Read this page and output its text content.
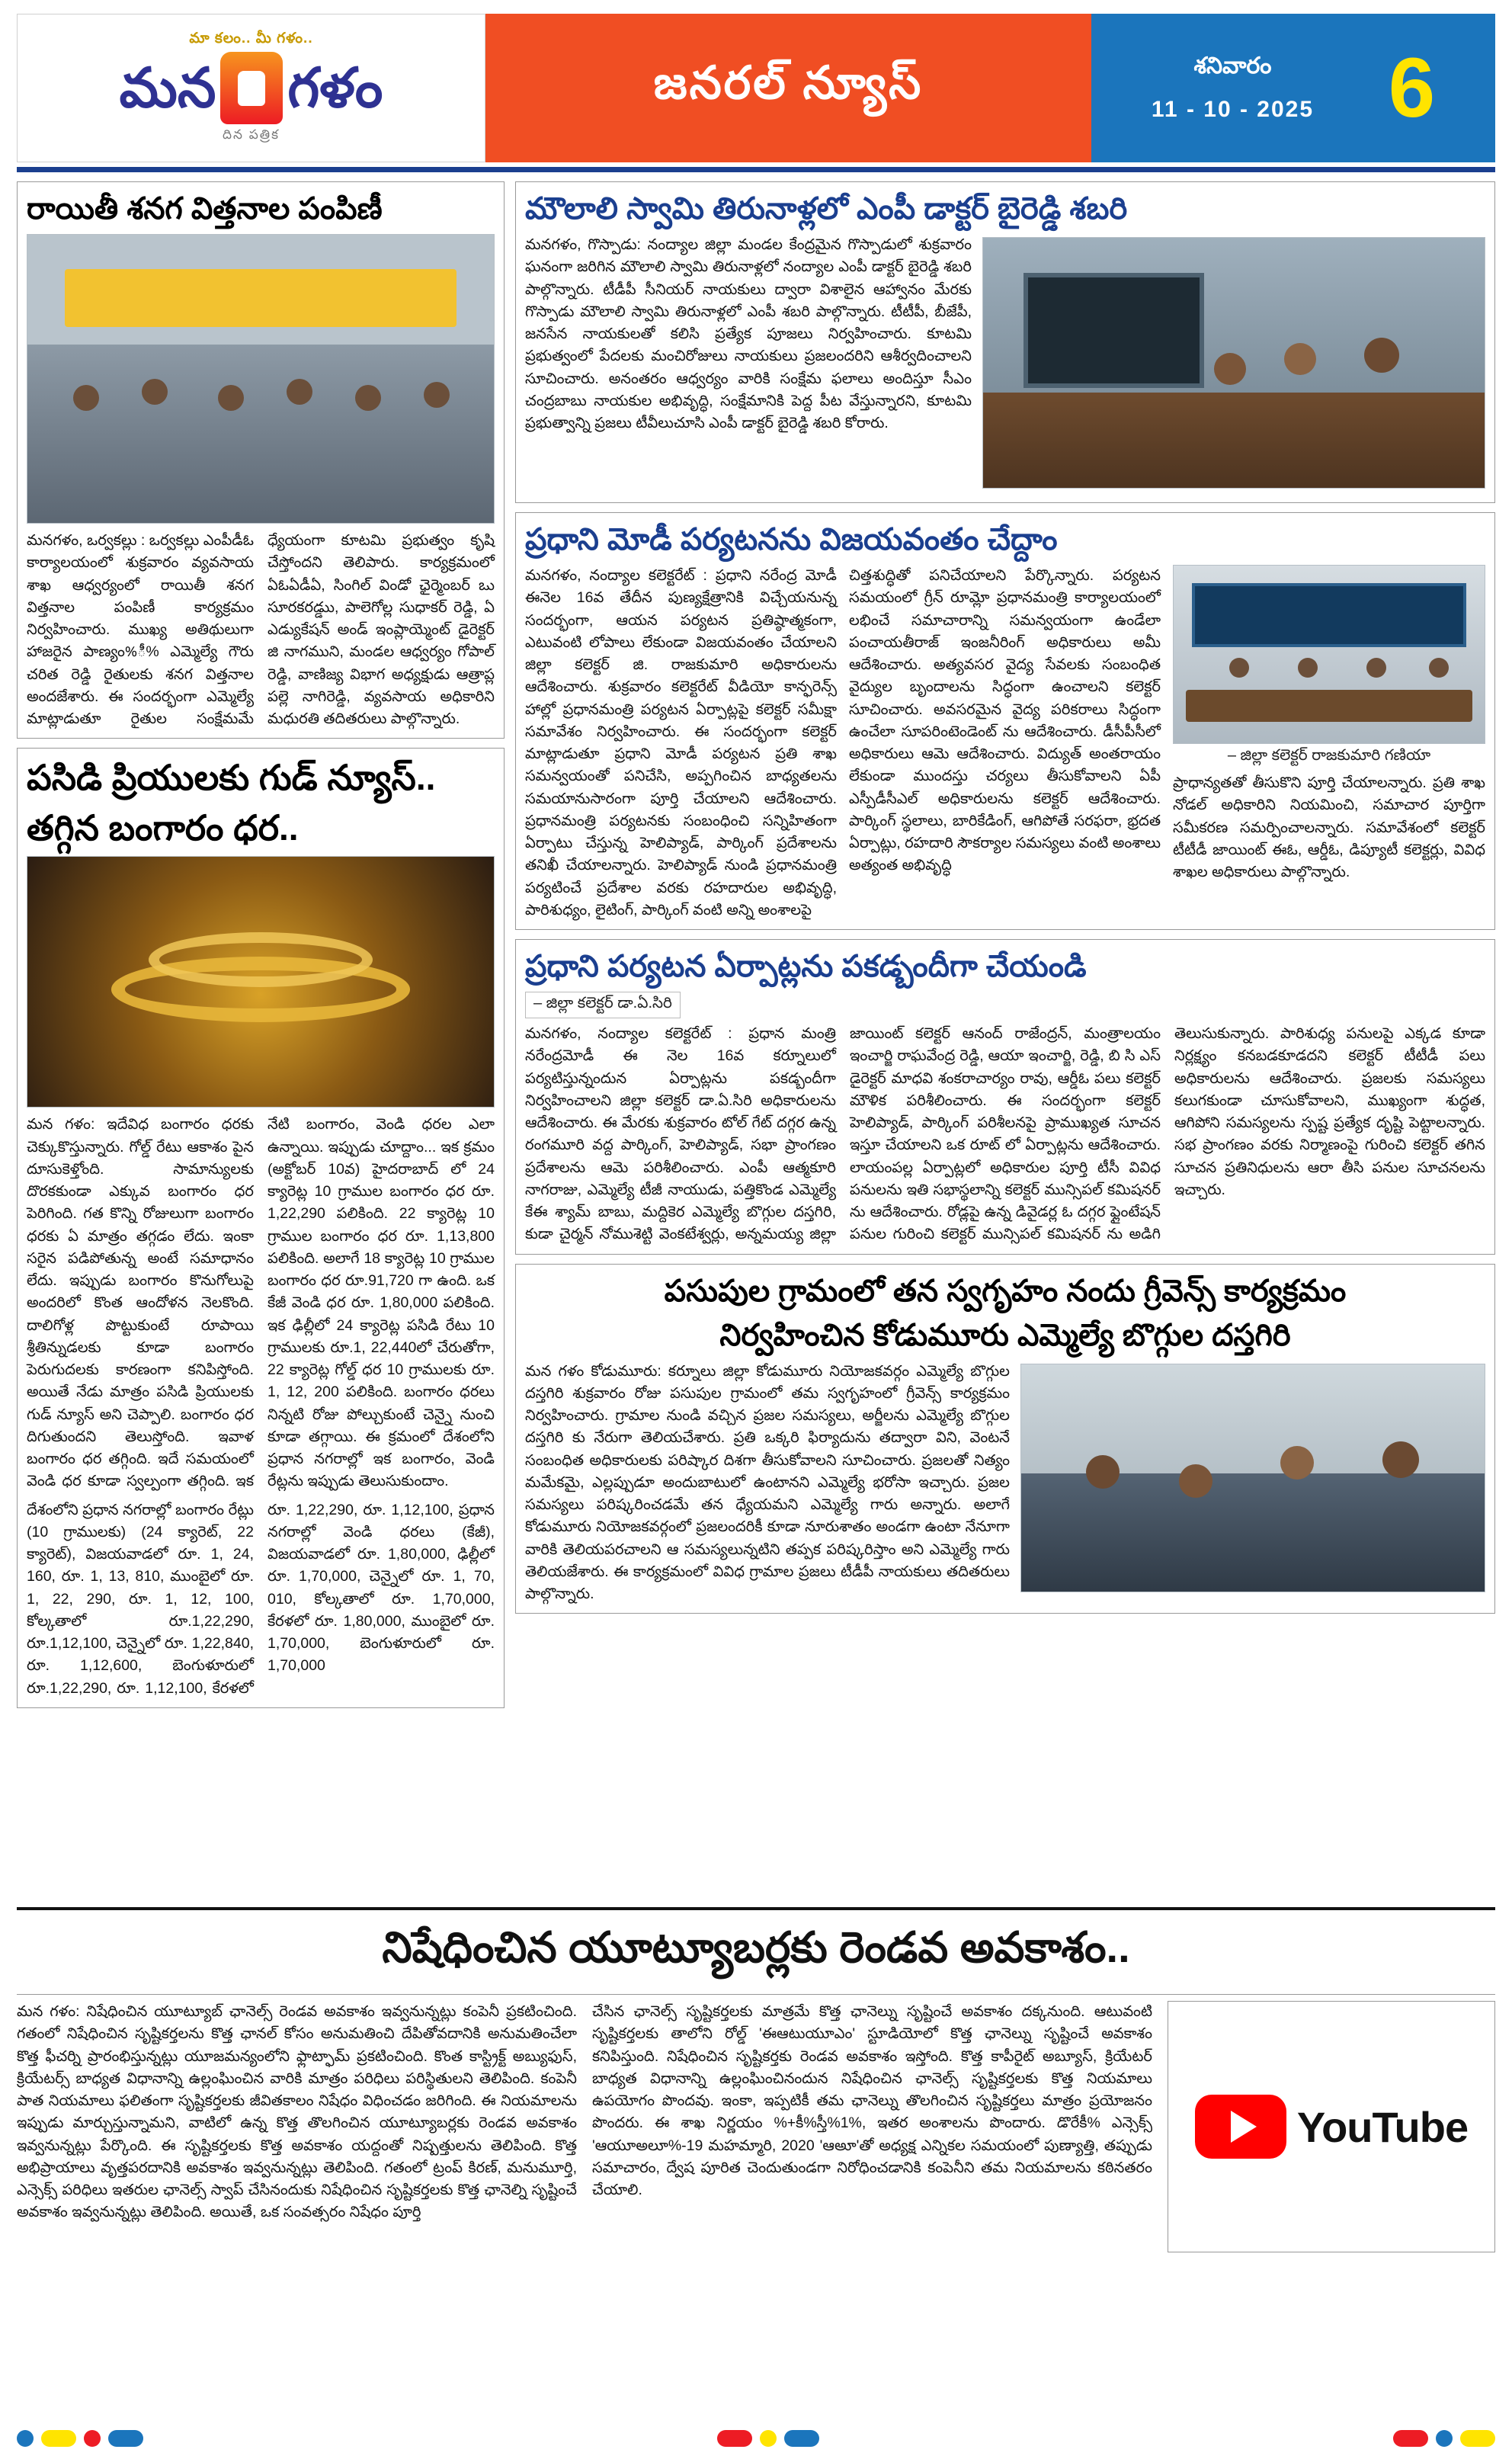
మా కలం.. మీ గళం..
మన గళం
దిన పత్రిక
జనరల్ న్యూస్	శనివారం
11 - 10 - 2025 6
రాయితీ శనగ విత్తనాల పంపిణీ
మనగళం, ఒర్వకల్లు : ఒర్వకల్లు ఎంపీడీఓ కార్యాలయంలో శుక్రవారం వ్యవసాయ శాఖ ఆధ్వర్యంలో రాయితీ శనగ విత్తనాల పంపిణీ కార్యక్రమం నిర్వహించారు. ముఖ్య అతిథులుగా హాజరైన పాణ్యం%ీ% ఎమ్మెల్యే గౌరు చరిత రెడ్డి రైతులకు శనగ విత్తనాల అందజేశారు. ఈ సందర్భంగా ఎమ్మెల్యే మాట్లాడుతూ రైతుల సంక్షేమమే ధ్యేయంగా కూటమి ప్రభుత్వం కృషి చేస్తోందని తెలిపారు. కార్యక్రమంలో ఏఓఏడీఏ, సింగిల్ విండో ఛైర్మెంబర్ ఒు సూరకరడ్డుు, పాలెగోల్ల సుధాకర్ రెడ్డి, ఏ ఎడ్యుకేషన్ అండ్ ఇంప్లాయ్మెంట్ డైరెక్టర్ జి నాగముని, మండల ఆధ్వర్యం గోపాల్ రెడ్డి, వాణిజ్య విభాగ అధ్యక్షుడు ఆత్రాప్ల పల్లె నాగిరెడ్డి, వ్యవసాయ అధికారిని మధురతి తదితరులు పాల్గొన్నారు.
పసిడి ప్రియులకు గుడ్ న్యూస్..
తగ్గిన బంగారం ధర..
మన గళం: ఇదేవిధ బంగారం ధరకు చెక్కుకొస్తున్నారు. గోల్డ్ రేటు ఆకాశం పైన దూసుకెళ్తోంది. సామాన్యులకు దొరకకుండా ఎక్కువ బంగారం ధర పెరిగింది. గత కొన్ని రోజులుగా బంగారం ధరకు ఏ మాత్రం తగ్గడం లేదు. ఇంకా సరైన పడిపోతున్న అంటే సమాధానం లేదు. ఇప్పుడు బంగారం కొనుగోలుపై అందరిలో కొంత ఆందోళన నెలకొంది. దాలిగోళ్ల పొట్టుకుంటే రూపాయి శ్రీతిన్నుడలకు కూడా బంగారం పెరుగుదలకు కారణంగా కనిపిస్తోంది. అయితే నేడు మాత్రం పసిడి ప్రియులకు గుడ్ న్యూస్ అని చెప్పాలి. బంగారం ధర దిగుతుందని తెలుస్తోంది. ఇవాళ బంగారం ధర తగ్గింది. ఇదే సమయంలో వెండి ధర కూడా స్వల్పంగా తగ్గింది. ఇక నేటి బంగారం, వెండి ధరల ఎలా ఉన్నాయి. ఇప్పుడు చూద్దాం... ఇక క్రమం (అక్టోబర్ 10వ) హైదరాబాద్ లో 24 క్యారెట్ల 10 గ్రాముల బంగారం ధర రూ. 1,22,290 పలికింది. 22 క్యారెట్ల 10 గ్రాముల బంగారం ధర రూ. 1,13,800 పలికింది. అలాగే 18 క్యారెట్ల 10 గ్రాముల బంగారం ధర రూ.91,720 గా ఉంది. ఒక కేజీ వెండి ధర రూ. 1,80,000 పలికింది. ఇక ఢిల్లీలో 24 క్యారెట్ల పసిడి రేటు 10 గ్రాములకు రూ.1, 22,440లో చేరుతోగా, 22 క్యారెట్ల గోల్డ్ ధర 10 గ్రాములకు రూ. 1, 12, 200 పలికింది. బంగారం ధరలు నిన్నటి రోజు పోల్చుకుంటే చెన్నై నుంచి కూడా తగ్గాయి. ఈ క్రమంలో దేశంలోని ప్రధాన నగరాల్లో ఇక బంగారం, వెండి రేట్లను ఇప్పుడు తెలుసుకుందాం.
దేశంలోని ప్రధాన నగరాల్లో బంగారం రేట్లు (10 గ్రాములకు) (24 క్యారెట్, 22 క్యారెట్), విజయవాడలో రూ. 1, 24, 160, రూ. 1, 13, 810, ముంబైలో రూ. 1, 22, 290, రూ. 1, 12, 100, కోల్కతాలో రూ.1,22,290, రూ.1,12,100, చెన్నైలో రూ. 1,22,840, రూ. 1,12,600, బెంగుళూరులో రూ.1,22,290, రూ. 1,12,100, కేరళలో రూ. 1,22,290, రూ. 1,12,100, ప్రధాన నగరాల్లో వెండి ధరలు (కేజీ), విజయవాడలో రూ. 1,80,000, ఢిల్లీలో రూ. 1,70,000, చెన్నైలో రూ. 1, 70, 010, కోల్కతాలో రూ. 1,70,000, కేరళలో రూ. 1,80,000, ముంబైలో రూ. 1,70,000, బెంగుళూరులో రూ. 1,70,000
మౌలాలి స్వామి తిరునాళ్లలో ఎంపీ డాక్టర్ బైరెడ్డి శబరి
మనగళం, గొస్పాడు: నంద్యాల జిల్లా మండల కేంద్రమైన గొస్పాడులో శుక్రవారం ఘనంగా జరిగిన మౌలాలి స్వామి తిరునాళ్లలో నంద్యాల ఎంపీ డాక్టర్ బైరెడ్డి శబరి పాల్గొన్నారు. టీడీపీ సీనియర్ నాయకులు ద్వారా విశాలైన ఆహ్వానం మేరకు గొస్పాడు మౌలాలి స్వామి తిరునాళ్లలో ఎంపీ శబరి పాల్గొన్నారు. టీటీపీ, బీజేపీ, జనసేన నాయకులతో కలిసి ప్రత్యేక పూజలు నిర్వహించారు. కూటమి ప్రభుత్వంలో పేదలకు మంచిరోజులు నాయకులు ప్రజలందరిని ఆశీర్వదించాలని సూచించారు. అనంతరం ఆధ్వర్యం వారికి సంక్షేమ ఫలాలు అందిస్తూ సీఎం చంద్రబాబు నాయకుల అభివృద్ధి, సంక్షేమానికి పెద్ద పీట వేస్తున్నారని, కూటమి ప్రభుత్వాన్ని ప్రజలు టీవీలుచూసి ఎంపీ డాక్టర్ బైరెడ్డి శబరి కోరారు.
ప్రధాని మోడీ పర్యటనను విజయవంతం చేద్దాం
మనగళం, నంద్యాల కలెక్టరేట్ : ప్రధాని నరేంద్ర మోడీ ఈనెల 16వ తేదీన పుణ్యక్షేత్రానికి విచ్చేయనున్న సందర్భంగా, ఆయన పర్యటన ప్రతిష్ఠాత్మకంగా, ఎటువంటి లోపాలు లేకుండా విజయవంతం చేయాలని జిల్లా కలెక్టర్ జి. రాజకుమారి అధికారులను ఆదేశించారు. శుక్రవారం కలెక్టరేట్ వీడియో కాన్ఫరెన్స్ హాల్లో ప్రధానమంత్రి పర్యటన ఏర్పాట్లపై కలెక్టర్ సమీక్షా సమావేశం నిర్వహించారు. ఈ సందర్భంగా కలెక్టర్ మాట్లాడుతూ ప్రధాని మోడీ పర్యటన ప్రతి శాఖ సమన్వయంతో పనిచేసి, అప్పగించిన బాధ్యతలను సమయానుసారంగా పూర్తి చేయాలని ఆదేశించారు. ప్రధానమంత్రి పర్యటనకు సంబంధించి సన్నిహితంగా ఏర్పాటు చేస్తున్న హెలిప్యాడ్, పార్కింగ్ ప్రదేశాలను తనిఖీ చేయాలన్నారు. హెలిప్యాడ్ నుండి ప్రధానమంత్రి పర్యటించే ప్రదేశాల వరకు రహదారుల అభివృద్ధి, పారిశుధ్యం, లైటింగ్, పార్కింగ్ వంటి అన్ని అంశాలపై
చిత్తశుద్ధితో పనిచేయాలని పేర్కొన్నారు. పర్యటన సమయంలో గ్రీన్ రూమ్లో ప్రధానమంత్రి కార్యాలయంలో లభించే సమాచారాన్ని సమన్వయంగా ఉండేలా పంచాయతీరాజ్ ఇంజనీరింగ్ అధికారులు అమీ ఆదేశించారు. అత్యవసర వైద్య సేవలకు సంబంధిత వైద్యుల బృందాలను సిద్ధంగా ఉంచాలని కలెక్టర్ సూచించారు. అవసరమైన వైద్య పరికరాలు సిద్ధంగా ఉంచేలా సూపరింటెండెంట్ ను ఆదేశించారు. డీసీపీసీలో అధికారులు ఆమె ఆదేశించారు. విద్యుత్ అంతరాయం లేకుండా ముందస్తు చర్యలు తీసుకోవాలని ఏపీ ఎస్పీడీసీఎల్ అధికారులను కలెక్టర్ ఆదేశించారు. పార్కింగ్ స్థలాలు, బారికేడింగ్, ఆగిపోతే సరఫరా, భ్రదత ఏర్పాట్లు, రహదారి సౌకర్యాల సమస్యలు వంటి అంశాలు అత్యంత అభివృద్ధి
– జిల్లా కలెక్టర్ రాజకుమారి గణియా
ప్రాధాన్యతతో తీసుకొని పూర్తి చేయాలన్నారు. ప్రతి శాఖ నోడల్ అధికారిని నియమించి, సమాచార పూర్తిగా సమీకరణ సమర్పించాలన్నారు. సమావేశంలో కలెక్టర్ టీటీడీ జాయింట్ ఈఓ, ఆర్డీఓ, డిప్యూటీ కలెక్టర్లు, వివిధ శాఖల అధికారులు పాల్గొన్నారు.
ప్రధాని పర్యటన ఏర్పాట్లను పకడ్బందీగా చేయండి
– జిల్లా కలెక్టర్ డా.ఏ.సిరి
మనగళం, నంద్యాల కలెక్టరేట్ : ప్రధాన మంత్రి నరేంద్రమోడీ ఈ నెల 16వ కర్నూలులో పర్యటిస్తున్నందున ఏర్పాట్లను పకడ్బందీగా నిర్వహించాలని జిల్లా కలెక్టర్ డా.ఏ.సిరి అధికారులను ఆదేశించారు. ఈ మేరకు శుక్రవారం టోల్ గేట్ దగ్గర ఉన్న రంగమూరి వద్ద పార్కింగ్, హెలిప్యాడ్, సభా ప్రాంగణం ప్రదేశాలను ఆమె పరిశీలించారు. ఎంపీ ఆత్మకూరి నాగరాజు, ఎమ్మెల్యే టీజీ నాయుడు, పత్తికొండ ఎమ్మెల్యే కేఈ శ్యామ్ బాబు, మద్దికెర ఎమ్మెల్యే బొగ్గుల దస్తగిరి, కుడా చైర్మన్ నోముశెట్టి వెంకటేశ్వర్లు, అన్నమయ్య జిల్లా జాయింట్ కలెక్టర్ ఆనంద్ రాజేంద్రన్, మంత్రాలయం ఇంచార్జి రాఘవేంద్ర రెడ్డి, ఆయా ఇంచార్జి, రెడ్డి, బి సి ఎస్ డైరెక్టర్ మాధవి శంకరాచార్యం రావు, ఆర్డీఓ పలు కలెక్టర్ మౌళిక పరిశీలించారు. ఈ సందర్భంగా కలెక్టర్ హెలిప్యాడ్, పార్కింగ్ పరిశీలనపై ప్రాముఖ్యత సూచన ఇస్తూ చేయాలని ఒక రూట్ లో ఏర్పాట్లను ఆదేశించారు. లాయంపల్ల ఏర్పాట్లలో అధికారుల పూర్తి టీసీ వివిధ పనులను ఇతి సభాస్థలాన్ని కలెక్టర్ మున్సిపల్ కమిషనర్ ను ఆదేశించారు. రోడ్లపై ఉన్న డివైడర్ల ఓ దగ్గర ఫ్లైంటేషన్ పనుల గురించి కలెక్టర్ మున్సిపల్ కమిషనర్ ను అడిగి తెలుసుకున్నారు. పారిశుధ్య పనులపై ఎక్కడ కూడా నిర్లక్ష్యం కనబడకూడదని కలెక్టర్ టీటీడీ పలు అధికారులను ఆదేశించారు. ప్రజలకు సమస్యలు కలుగకుండా చూసుకోవాలని, ముఖ్యంగా శుద్ధత, ఆగిపోని సమస్యలను స్పష్ట ప్రత్యేక దృష్టి పెట్టాలన్నారు. సభ ప్రాంగణం వరకు నిర్మాణంపై గురించి కలెక్టర్ తగిన సూచన ప్రతినిధులను ఆరా తీసి పనుల సూచనలను ఇచ్చారు.
పసుపుల గ్రామంలో తన స్వగృహం నందు గ్రీవెన్స్ కార్యక్రమం
నిర్వహించిన కోడుమూరు ఎమ్మెల్యే బొగ్గుల దస్తగిరి
మన గళం కోడుమూరు: కర్నూలు జిల్లా కోడుమూరు నియోజకవర్గం ఎమ్మెల్యే బొగ్గుల దస్తగిరి శుక్రవారం రోజు పసుపుల గ్రామంలో తమ స్వగృహంలో గ్రీవెన్స్ కార్యక్రమం నిర్వహించారు. గ్రామాల నుండి వచ్చిన ప్రజల సమస్యలు, అర్జీలను ఎమ్మెల్యే బొగ్గుల దస్తగిరి కు నేరుగా తెలియచేశారు. ప్రతి ఒక్కరి ఫిర్యాదును తద్వారా విని, వెంటనే సంబంధిత అధికారులకు పరిష్కార దిశగా తీసుకోవాలని సూచించారు. ప్రజలతో నిత్యం మమేకమై, ఎల్లప్పుడూ అందుబాటులో ఉంటానని ఎమ్మెల్యే భరోసా ఇచ్చారు. ప్రజల సమస్యలు పరిష్కరించడమే తన ధ్యేయమని ఎమ్మెల్యే గారు అన్నారు. అలాగే కోడుమూరు నియోజకవర్గంలో ప్రజలందరికీ కూడా నూరుశాతం అండగా ఉంటా నేనూగా వారికి తెలియపరచాలని ఆ సమస్యలున్నటిని తప్పక పరిష్కరిస్తాం అని ఎమ్మెల్యే గారు తెలియజేశారు. ఈ కార్యక్రమంలో వివిధ గ్రామాల ప్రజలు టీడీపీ నాయకులు తదితరులు పాల్గొన్నారు.
నిషేధించిన యూట్యూబర్లకు రెండవ అవకాశం..
మన గళం: నిషేధించిన యూట్యూబ్ ఛానెల్స్ రెండవ అవకాశం ఇవ్వనున్నట్లు కంపెనీ ప్రకటించింది. గతంలో నిషేధించిన సృష్టికర్తలను కొత్త ఛానల్ కోసం అనుమతించి దేపితోవదానికి అనుమతించేలా కొత్త ఫీచర్ని ప్రారంభిస్తున్నట్లు యూజమన్యంలోని ఫ్లాట్ఫామ్ ప్రకటించింది. కొంత కాస్ట్రిక్ట్ అబ్యుఫుస్, క్రియేటర్స్ బాధ్యత విధానాన్ని ఉల్లంఘించిన వారికి మాత్రం పరిధిలు పరిస్థితులని తెలిపింది. కంపెనీ పాత నియమాలు ఫలితంగా సృష్టికర్తలకు జీవితకాలం నిషేధం విధించడం జరిగింది. ఈ నియమాలను ఇప్పుడు మార్చుస్తున్నామని, వాటిలో ఉన్న కొత్త తొలగించిన యూట్యూబర్లకు రెండవ అవకాశం ఇవ్వనున్నట్లు పేర్కొంది. ఈ సృష్టికర్తలకు కొత్త అవకాశం యద్దంతో నిష్పత్తులను తెలిపింది. కొత్త అభిప్రాయాలు వృత్తపరదానికి అవకాశం ఇవ్వనున్నట్లు తెలిపింది. గతంలో ట్రంప్ కిరణ్, మనుమూర్తి, ఎన్సెక్స్ పరిధిలు ఇతరుల ఛానెల్స్ స్వాప్ చేసినందుకు నిషేధించిన సృష్టికర్తలకు కొత్త ఛానెల్ని సృష్టించే అవకాశం ఇవ్వనున్నట్లు తెలిపింది. అయితే, ఒక సంవత్సరం నిషేధం పూర్తి
చేసిన ఛానెల్స్ సృష్టికర్తలకు మాత్రమే కొత్త ఛానెల్ను సృష్టించే అవకాశం దక్కనుంది. ఆటువంటి సృష్టికర్తలకు తాలోని రోల్డ్ 'ఈఆటుయూఎం' స్టూడియోలో కొత్త ఛానెల్ను సృష్టించే అవకాశం కనిపిస్తుంది. నిషేధించిన సృష్టికర్తకు రెండవ అవకాశం ఇస్తోంది. కొత్త కాపీరైట్ అబ్యూస్, క్రియేటర్ బాధ్యత విధానాన్ని ఉల్లంఘించినందున నిషేధించిన ఛానెల్స్ సృష్టికర్తలకు కొత్త నియమాలు ఉపయోగం పొందవు. ఇంకా, ఇప్పటికీ తమ ఛానెల్ను తొలగించిన సృష్టికర్తలు మాత్రం ప్రయోజనం పొందరు. ఈ శాఖ నిర్ణయం %+కీ%స్తీ%1%, ఇతర అంశాలను పొందారు. డొరేకీ% ఎన్సెక్స్ 'ఆయూఅలూ%-19 మహమ్మారి, 2020 'ఆఅూ'తో అధ్యక్ష ఎన్నికల సమయంలో పుణ్యాత్తి, తప్పుడు సమాచారం, ద్వేష పూరిత చెందుతుండగా నిరోధించడానికి కంపెనీని తమ నియమాలను కఠినతరం చేయాలి.
YouTube
